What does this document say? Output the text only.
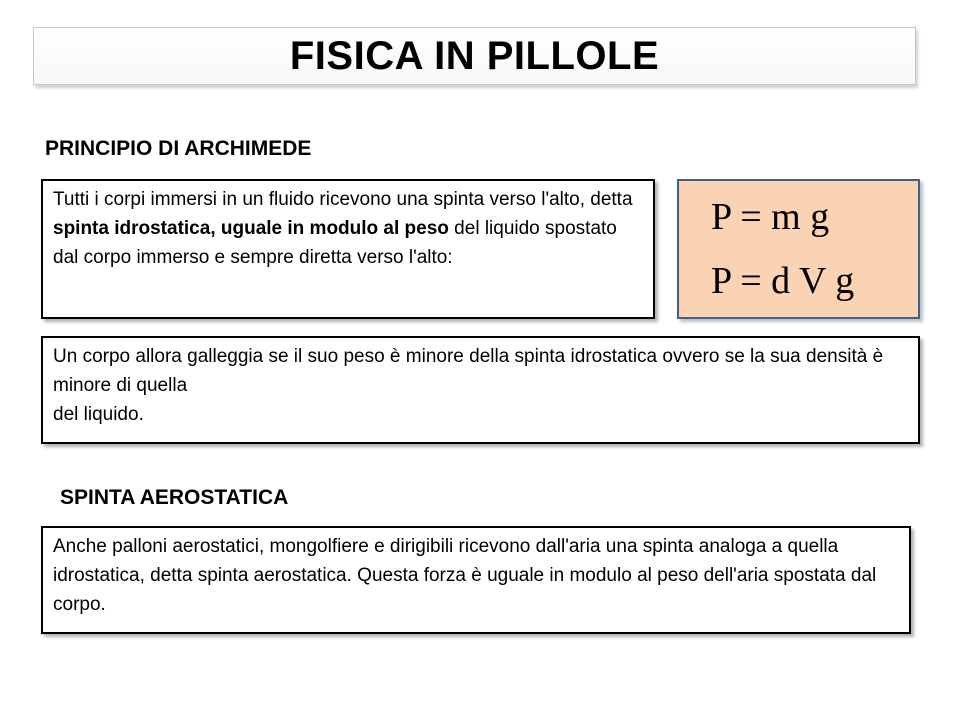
FISICA IN PILLOLE
PRINCIPIO DI ARCHIMEDE

Tutti i corpi immersi in un fluido ricevono una spinta verso l'alto, detta spinta idrostatica, uguale in modulo al peso del liquido spostato dal corpo immerso e sempre diretta verso l'alto:

P = m g

P = d V g

Un corpo allora galleggia se il suo peso è minore della spinta idrostatica ovvero se la sua densità è minore di quella

del liquido.

SPINTA AEROSTATICA

Anche palloni aerostatici, mongolfiere e dirigibili ricevono dall'aria una spinta analoga a quella idrostatica, detta spinta aerostatica. Questa forza è uguale in modulo al peso dell'aria spostata dal corpo.
